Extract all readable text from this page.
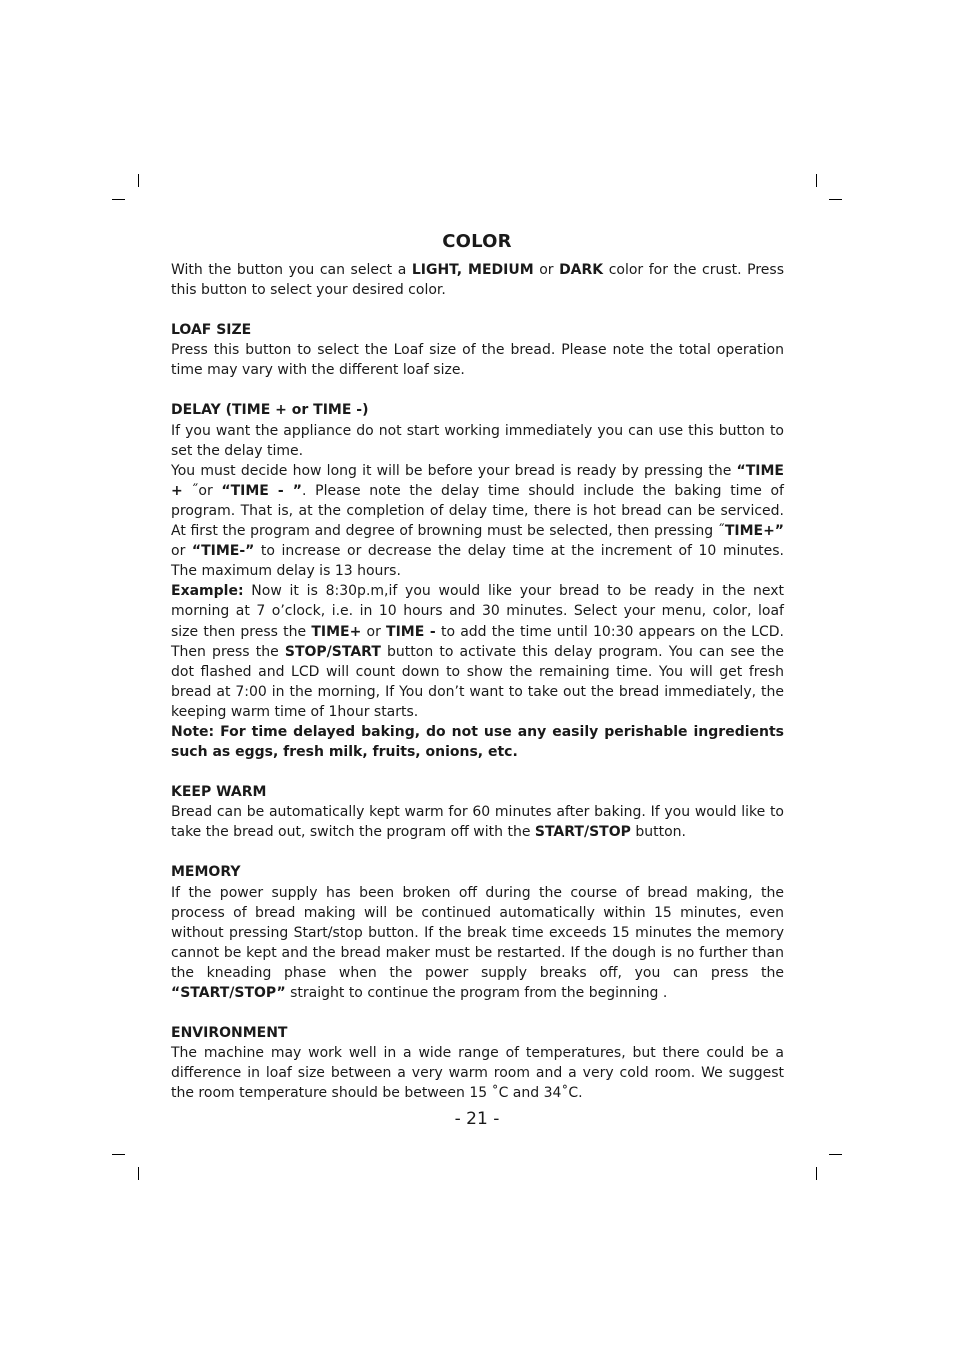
COLOR

With the button you can select a LIGHT, MEDIUM or DARK color for the crust. Press this button to select your desired color.

LOAF SIZE

Press this button to select the Loaf size of the bread. Please note the total operation time may vary with the different loaf size.

DELAY (TIME + or TIME -)

If you want the appliance do not start working immediately you can use this button to set the delay time.

You must decide how long it will be before your bread is ready by pressing the “TIME + ˝or “TIME - ”. Please note the delay time should include the baking time of program. That is, at the completion of delay time, there is hot bread can be serviced. At first the program and degree of browning must be selected, then pressing ˝TIME+” or “TIME-” to increase or decrease the delay time at the increment of 10 minutes. The maximum delay is 13 hours.

Example: Now it is 8:30p.m,if you would like your bread to be ready in the next morning at 7 o’clock, i.e. in 10 hours and 30 minutes. Select your menu, color, loaf size then press the TIME+ or TIME - to add the time until 10:30 appears on the LCD. Then press the STOP/START button to activate this delay program. You can see the dot flashed and LCD will count down to show the remaining time. You will get fresh bread at 7:00 in the morning, If You don’t want to take out the bread immediately, the keeping warm time of 1hour starts.

Note: For time delayed baking, do not use any easily perishable ingredients such as eggs, fresh milk, fruits, onions, etc.

KEEP WARM

Bread can be automatically kept warm for 60 minutes after baking. If you would like to take the bread out, switch the program off with the START/STOP button.

MEMORY

If the power supply has been broken off during the course of bread making, the process of bread making will be continued automatically within 15 minutes, even without pressing Start/stop button. If the break time exceeds 15 minutes the memory cannot be kept and the bread maker must be restarted. If the dough is no further than the kneading phase when the power supply breaks off, you can press the “START/STOP” straight to continue the program from the beginning .

ENVIRONMENT

The machine may work well in a wide range of temperatures, but there could be a difference in loaf size between a very warm room and a very cold room. We suggest the room temperature should be between 15 ˚C and 34˚C.

- 21 -
